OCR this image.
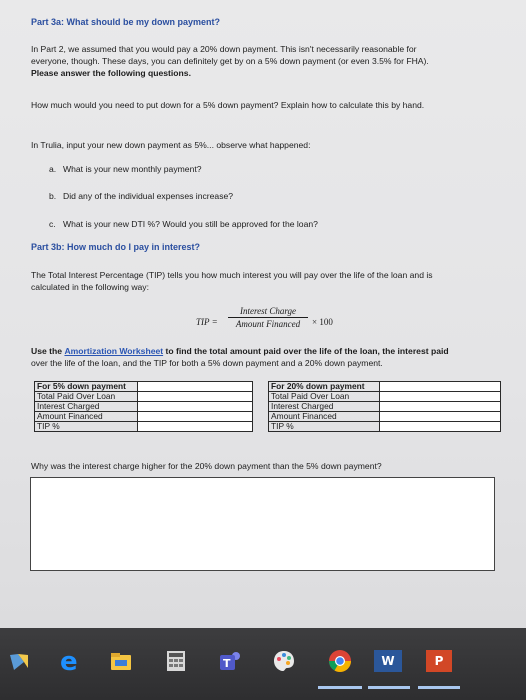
Part 3a: What should be my down payment?
In Part 2, we assumed that you would pay a 20% down payment. This isn't necessarily reasonable for
everyone, though. These days, you can definitely get by on a 5% down payment (or even 3.5% for FHA).
Please answer the following questions.
How much would you need to put down for a 5% down payment? Explain how to calculate this by hand.
In Trulia, input your new down payment as 5%... observe what happened:
a. What is your new monthly payment?
b. Did any of the individual expenses increase?
c. What is your new DTI %? Would you still be approved for the loan?
Part 3b: How much do I pay in interest?
The Total Interest Percentage (TIP) tells you how much interest you will pay over the life of the loan and is
calculated in the following way:
TIP =
Interest Charge
Amount Financed	× 100
Use the Amortization Worksheet to find the total amount paid over the life of the loan, the interest paid
over the life of the loan, and the TIP for both a 5% down payment and a 20% down payment.
For 5% down payment	
Total Paid Over Loan	
Interest Charged	
Amount Financed	
TIP %	
For 20% down payment	
Total Paid Over Loan	
Interest Charged	
Amount Financed	
TIP %	
Why was the interest charge higher for the 20% down payment than the 5% down payment?
e	T	W	P
